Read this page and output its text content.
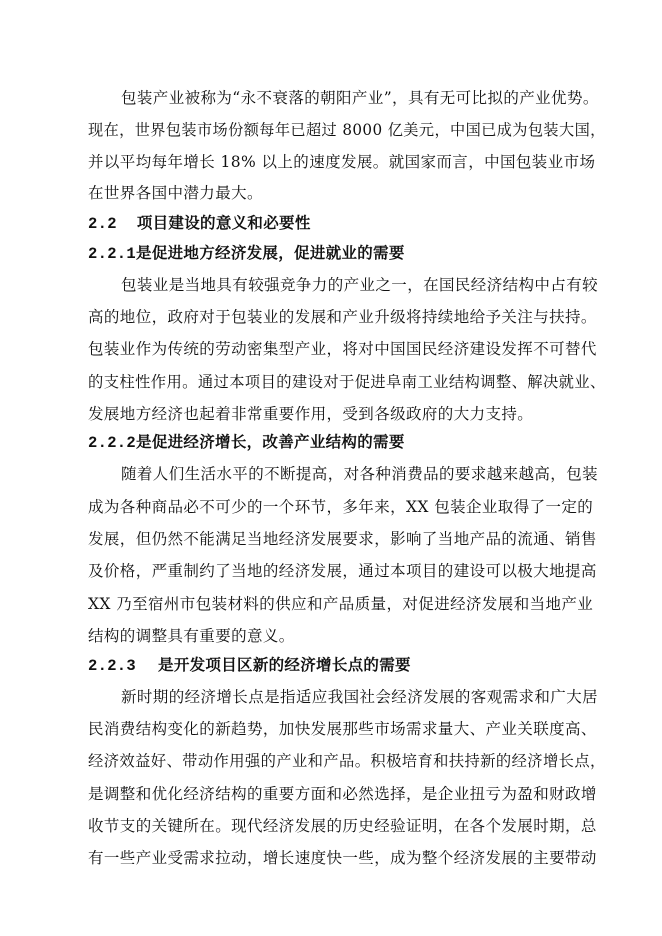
包装产业被称为“永不衰落的朝阳产业”，具有无可比拟的产业优势。
现在，世界包装市场份额每年已超过 8000 亿美元，中国已成为包装大国，
并以平均每年增长 18% 以上的速度发展。就国家而言，中国包装业市场
在世界各国中潜力最大。
2.2 项目建设的意义和必要性
2.2.1是促进地方经济发展，促进就业的需要
包装业是当地具有较强竞争力的产业之一，在国民经济结构中占有较
高的地位，政府对于包装业的发展和产业升级将持续地给予关注与扶持。
包装业作为传统的劳动密集型产业，将对中国国民经济建设发挥不可替代
的支柱性作用。通过本项目的建设对于促进阜南工业结构调整、解决就业、
发展地方经济也起着非常重要作用，受到各级政府的大力支持。
2.2.2是促进经济增长，改善产业结构的需要
随着人们生活水平的不断提高，对各种消费品的要求越来越高，包装
成为各种商品必不可少的一个环节，多年来，XX 包装企业取得了一定的
发展，但仍然不能满足当地经济发展要求，影响了当地产品的流通、销售
及价格，严重制约了当地的经济发展，通过本项目的建设可以极大地提高
XX 乃至宿州市包装材料的供应和产品质量，对促进经济发展和当地产业
结构的调整具有重要的意义。
2.2.3 是开发项目区新的经济增长点的需要
新时期的经济增长点是指适应我国社会经济发展的客观需求和广大居
民消费结构变化的新趋势，加快发展那些市场需求量大、产业关联度高、
经济效益好、带动作用强的产业和产品。积极培育和扶持新的经济增长点，
是调整和优化经济结构的重要方面和必然选择，是企业扭亏为盈和财政增
收节支的关键所在。现代经济发展的历史经验证明，在各个发展时期，总
有一些产业受需求拉动，增长速度快一些，成为整个经济发展的主要带动
